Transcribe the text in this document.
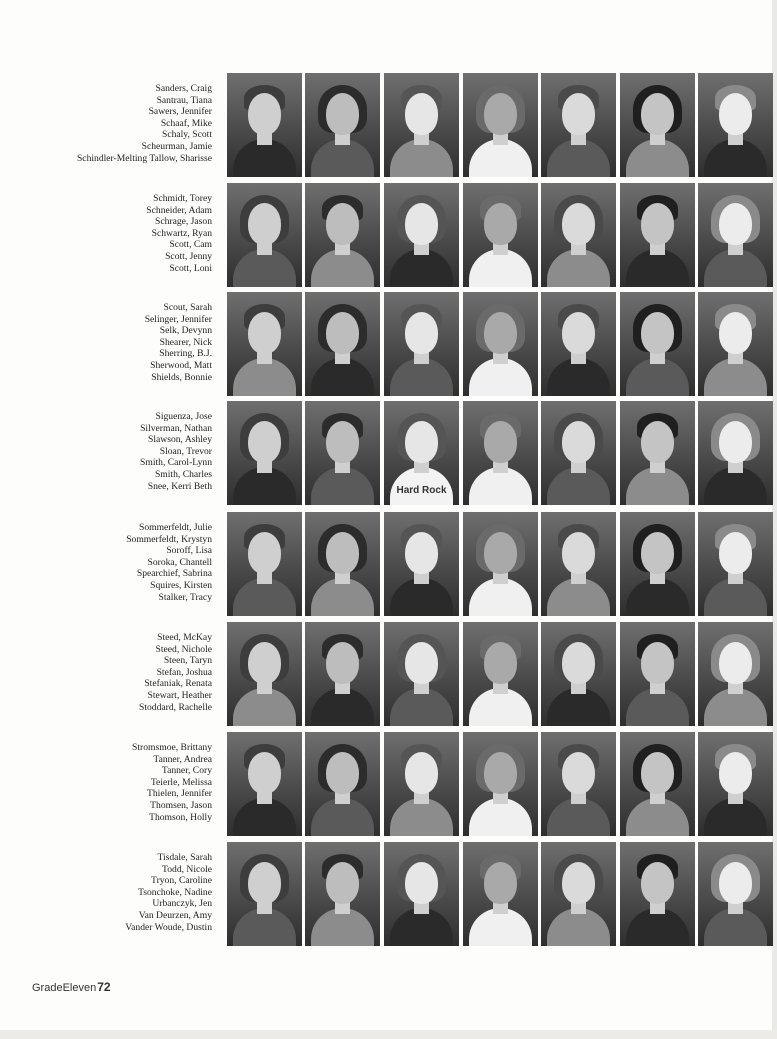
Sanders, Craig
Santrau, Tiana
Sawers, Jennifer
Schaaf, Mike
Schaly, Scott
Scheurman, Jamie
Schindler-Melting Tallow, Sharisse
Schmidt, Torey
Schneider, Adam
Schrage, Jason
Schwartz, Ryan
Scott, Cam
Scott, Jenny
Scott, Loni
Scout, Sarah
Selinger, Jennifer
Selk, Devynn
Shearer, Nick
Sherring, B.J.
Sherwood, Matt
Shields, Bonnie
Siguenza, Jose
Silverman, Nathan
Slawson, Ashley
Sloan, Trevor
Smith, Carol-Lynn
Smith, Charles
Snee, Kerri Beth	Hard Rock
Sommerfeldt, Julie
Sommerfeldt, Krystyn
Soroff, Lisa
Soroka, Chantell
Spearchief, Sabrina
Squires, Kirsten
Stalker, Tracy
Steed, McKay
Steed, Nichole
Steen, Taryn
Stefan, Joshua
Stefaniak, Renata
Stewart, Heather
Stoddard, Rachelle
Stromsmoe, Brittany
Tanner, Andrea
Tanner, Cory
Teierle, Melissa
Thielen, Jennifer
Thomsen, Jason
Thomson, Holly
Tisdale, Sarah
Todd, Nicole
Tryon, Caroline
Tsonchoke, Nadine
Urbanczyk, Jen
Van Deurzen, Amy
Vander Woude, Dustin
GradeEleven72
